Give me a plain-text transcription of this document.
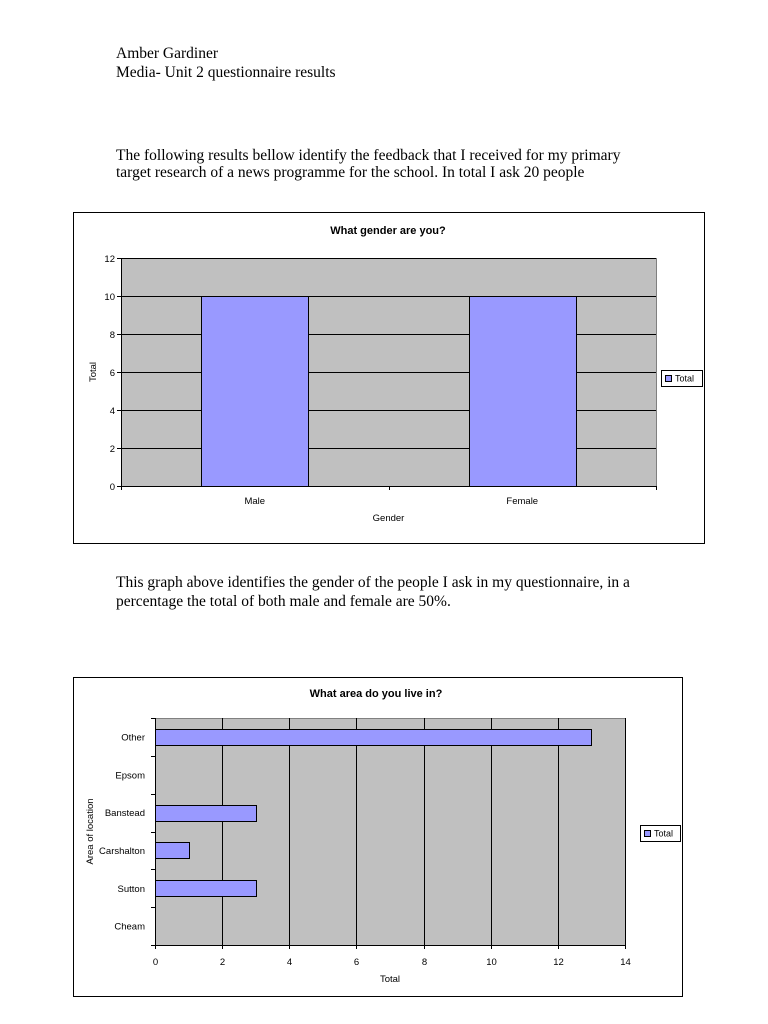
Amber Gardiner
Media- Unit 2 questionnaire results
The following results bellow identify the feedback that I received for my primary
target research of a news programme for the school. In total I ask 20 people
What gender are you?
0
2
4
6
8
10
12
Male	Female
Gender
Total	Total
This graph above identifies the gender of the people I ask in my questionnaire, in a
percentage the total of both male and female are 50%.
What area do you live in?
0	2	4	6	8	10	12	14
Cheam
Sutton
Carshalton
Banstead
Epsom
Other
Total
Area of location	Total
